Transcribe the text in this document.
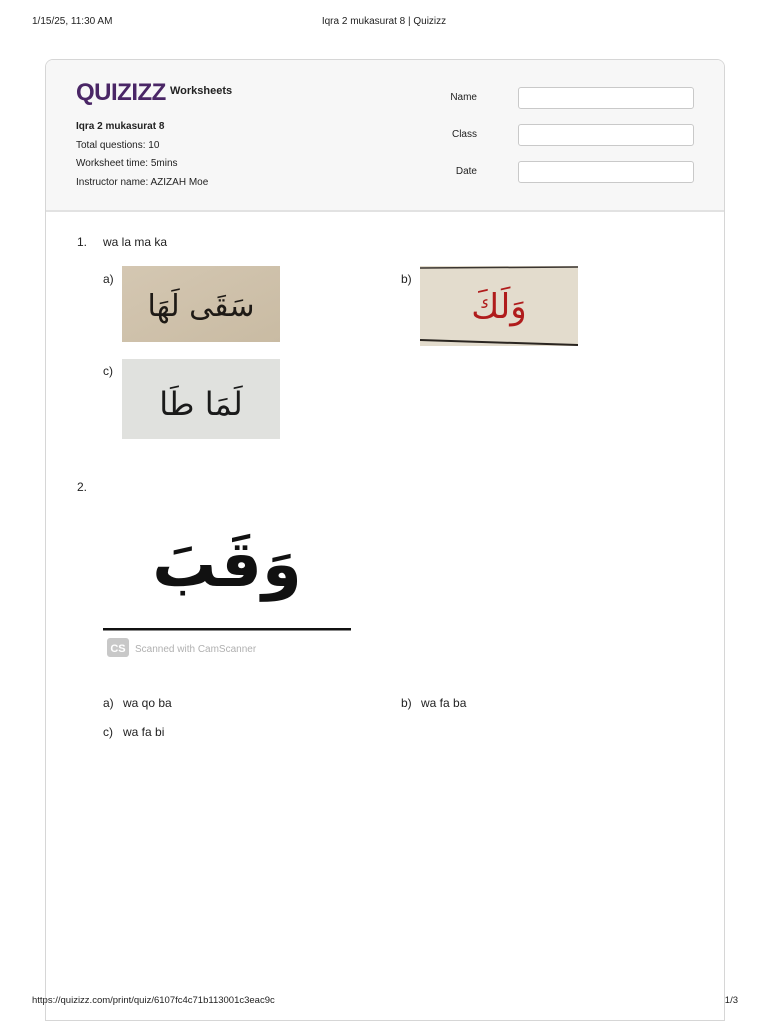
1/15/25, 11:30 AM	Iqra 2 mukasurat 8 | Quizizz
QUIZIZZ Worksheets
Iqra 2 mukasurat 8
Total questions: 10
Worksheet time: 5mins
Instructor name: AZIZAH Moe
Name
Class
Date
1. wa la ma ka
a)
سَقَى لَهَا
b)
وَلَكَ
c)
لَمَا طَا
2.
وَقَبَ
CS Scanned with CamScanner
a) wa qo ba	b) wa fa ba
c) wa fa bi
https://quizizz.com/print/quiz/6107fc4c71b113001c3eac9c	1/3
